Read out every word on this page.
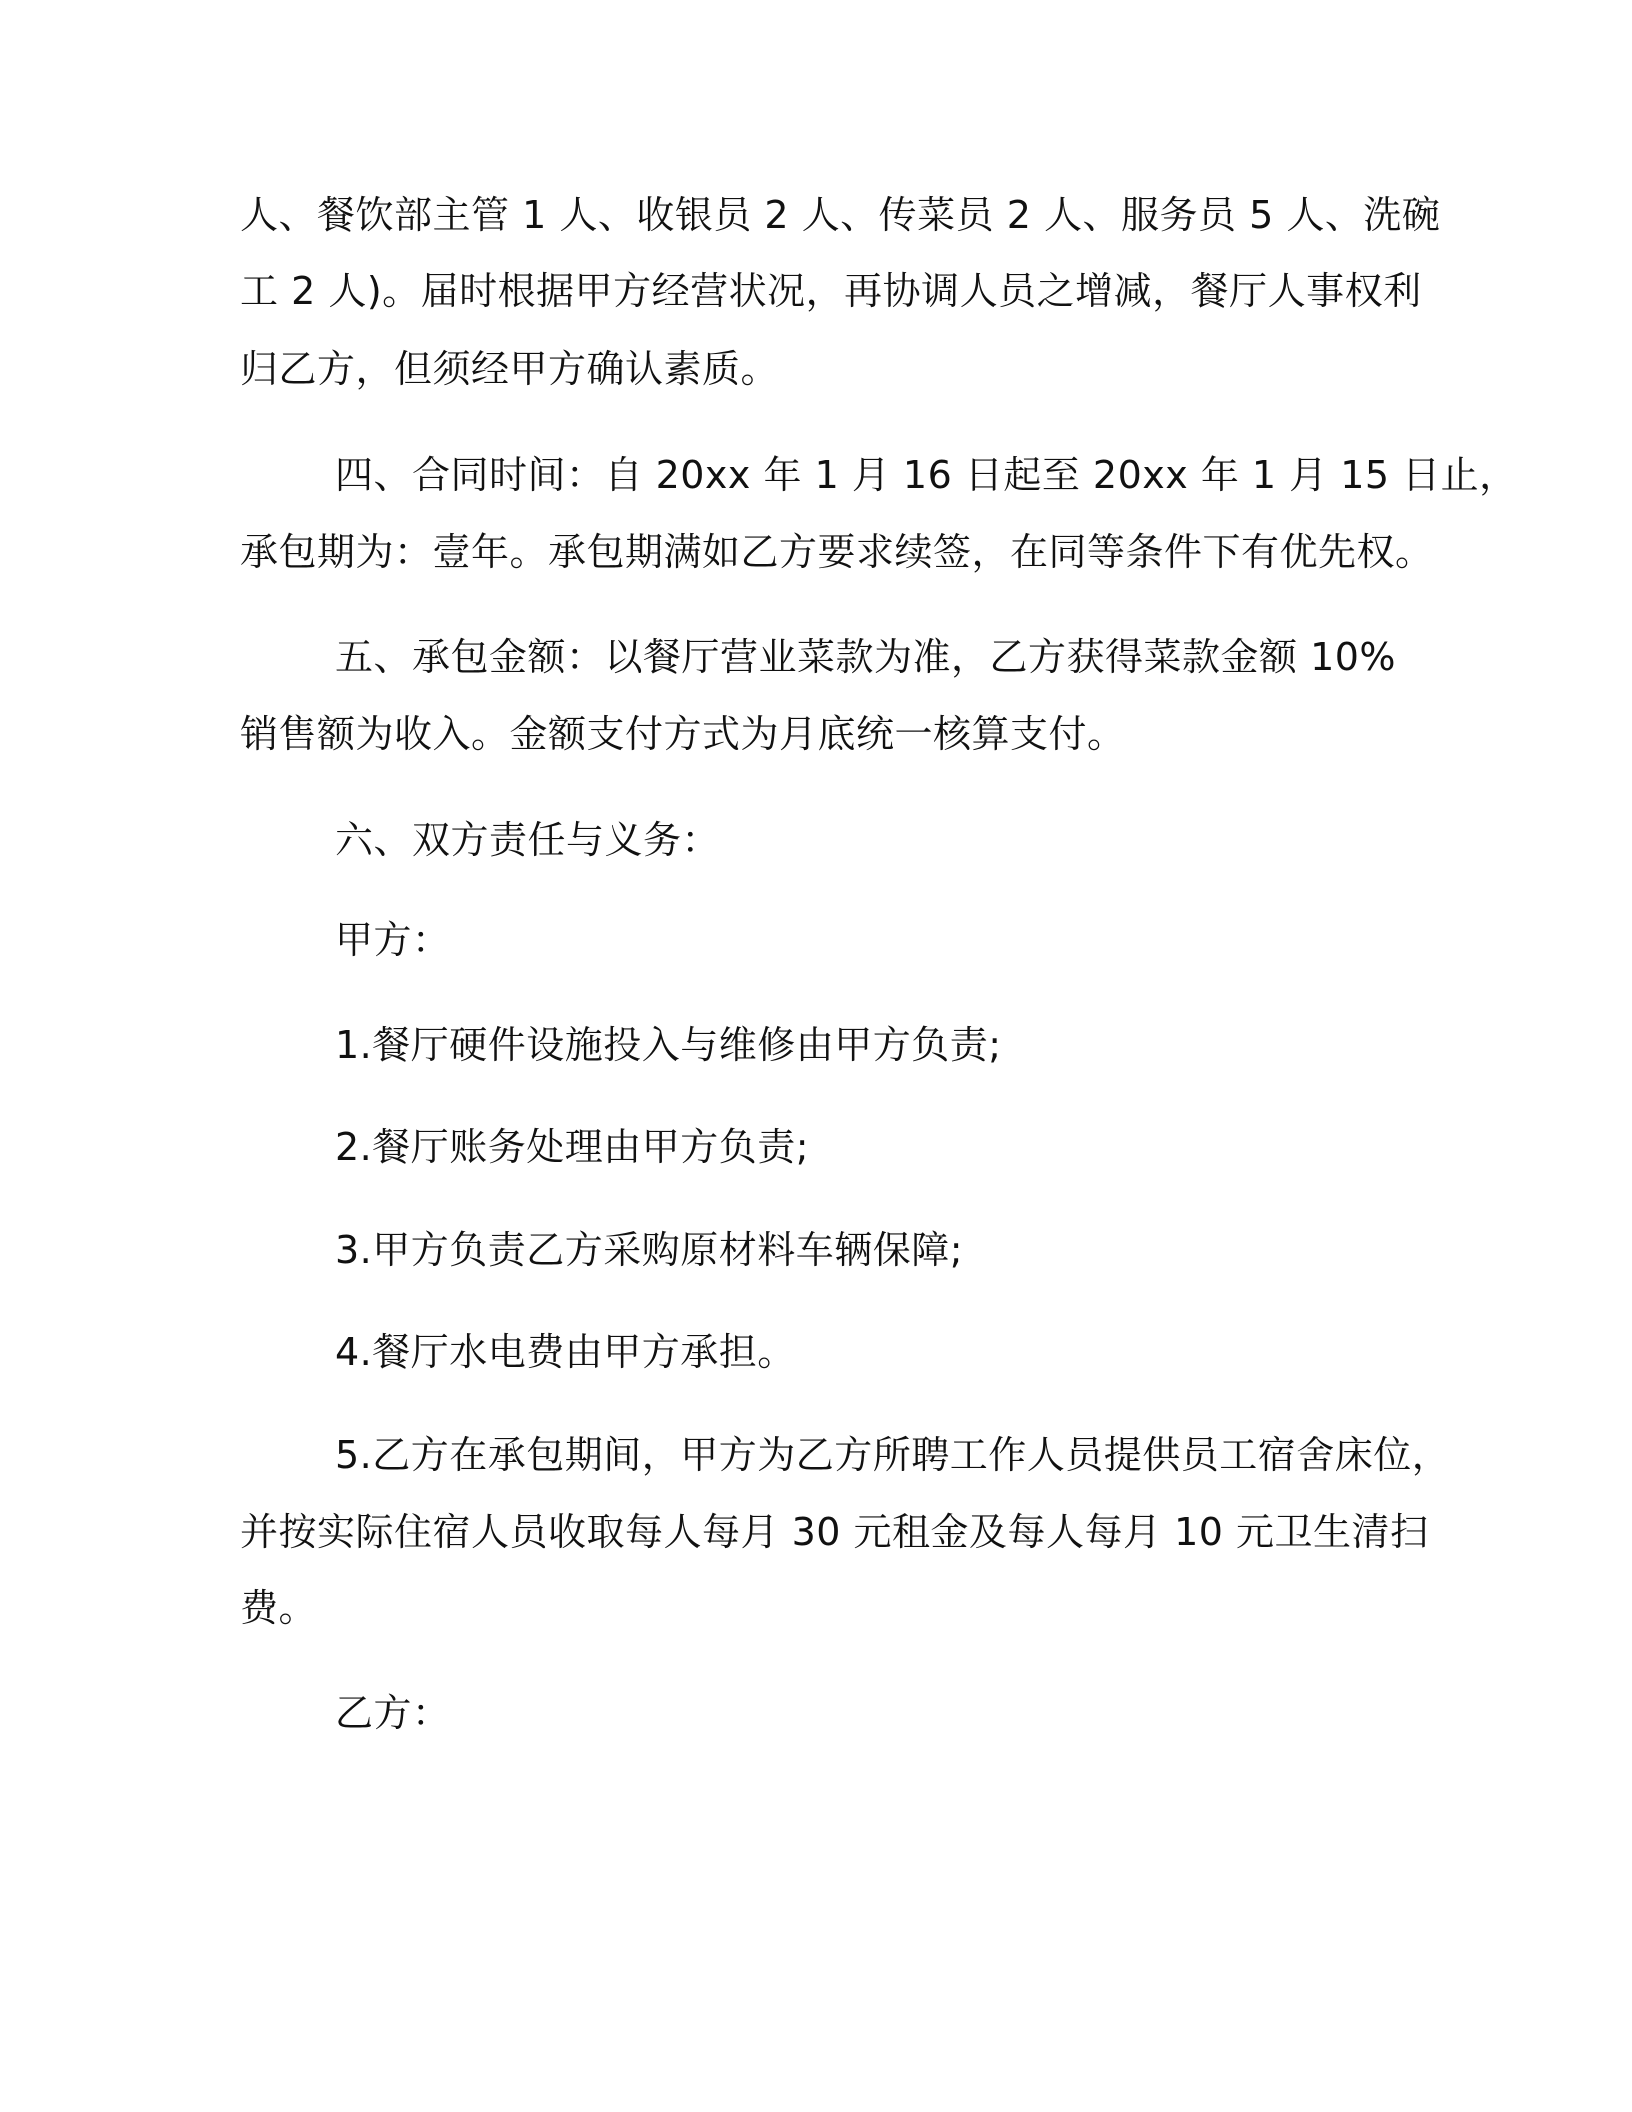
人、餐饮部主管 1 人、收银员 2 人、传菜员 2 人、服务员 5 人、洗碗
工 2 人)。届时根据甲方经营状况，再协调人员之增减，餐厅人事权利
归乙方，但须经甲方确认素质。
四、合同时间：自 20xx 年 1 月 16 日起至 20xx 年 1 月 15 日止，
承包期为：壹年。承包期满如乙方要求续签，在同等条件下有优先权。
五、承包金额：以餐厅营业菜款为准，乙方获得菜款金额 10%
销售额为收入。金额支付方式为月底统一核算支付。
六、双方责任与义务：
甲方：
1.餐厅硬件设施投入与维修由甲方负责;
2.餐厅账务处理由甲方负责;
3.甲方负责乙方采购原材料车辆保障;
4.餐厅水电费由甲方承担。
5.乙方在承包期间，甲方为乙方所聘工作人员提供员工宿舍床位，
并按实际住宿人员收取每人每月 30 元租金及每人每月 10 元卫生清扫
费。
乙方：
